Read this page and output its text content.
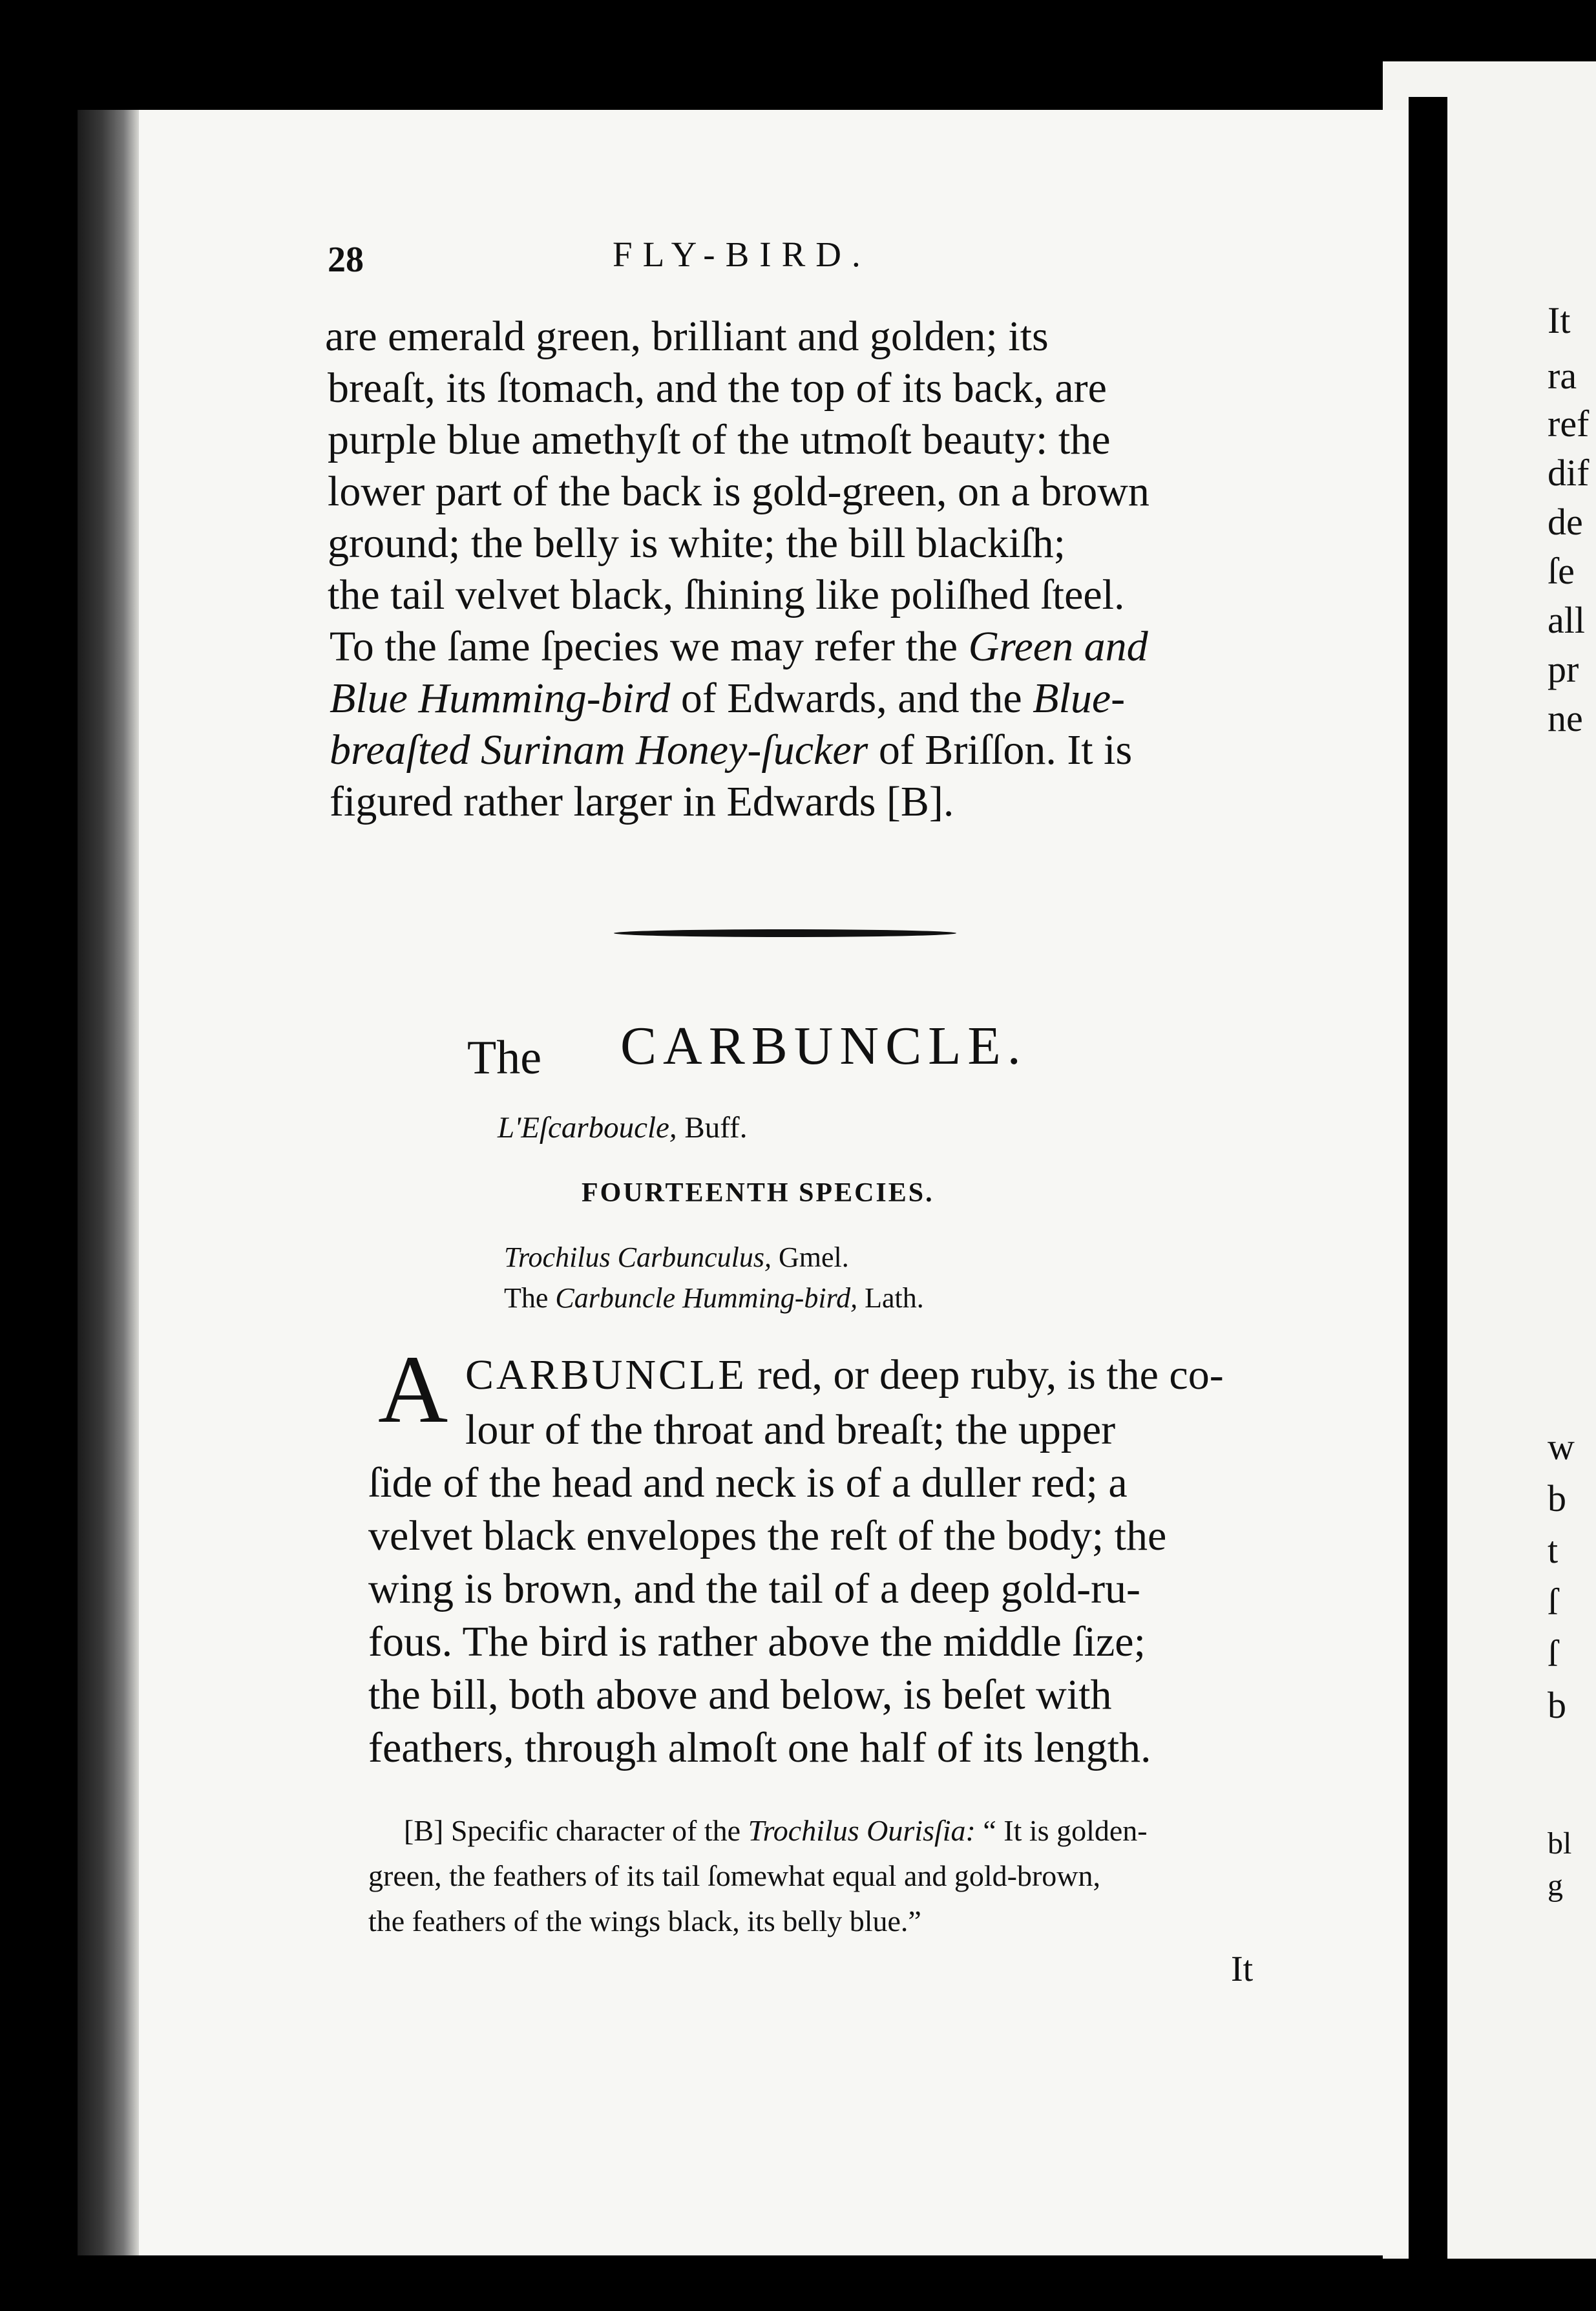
28	FLY-BIRD.

are emerald green, brilliant and golden; its

breaſt, its ſtomach, and the top of its back, are

purple blue amethyſt of the utmoſt beauty: the

lower part of the back is gold-green, on a brown

ground; the belly is white; the bill blackiſh;

the tail velvet black, ſhining like poliſhed ſteel.

To the ſame ſpecies we may refer the Green and

Blue Humming-bird of Edwards, and the Blue-

breaſted Surinam Honey-ſucker of Briſſon. It is

figured rather larger in Edwards [B].

The CARBUNCLE.

L'Eſcarboucle, Buff.

FOURTEENTH SPECIES.

Trochilus Carbunculus, Gmel.

The Carbuncle Humming-bird, Lath.

A CARBUNCLE red, or deep ruby, is the co-

lour of the throat and breaſt; the upper

ſide of the head and neck is of a duller red; a

velvet black envelopes the reſt of the body; the

wing is brown, and the tail of a deep gold-ru-

fous. The bird is rather above the middle ſize;

the bill, both above and below, is beſet with

feathers, through almoſt one half of its length.

[B] Specific character of the Trochilus Ourisſia: “ It is golden-

green, the feathers of its tail ſomewhat equal and gold-brown,

the feathers of the wings black, its belly blue.”

It

It
ra
ref
dif
de
ſe
all
pr
ne
w
b
t
ſ
ſ
b
bl
g
